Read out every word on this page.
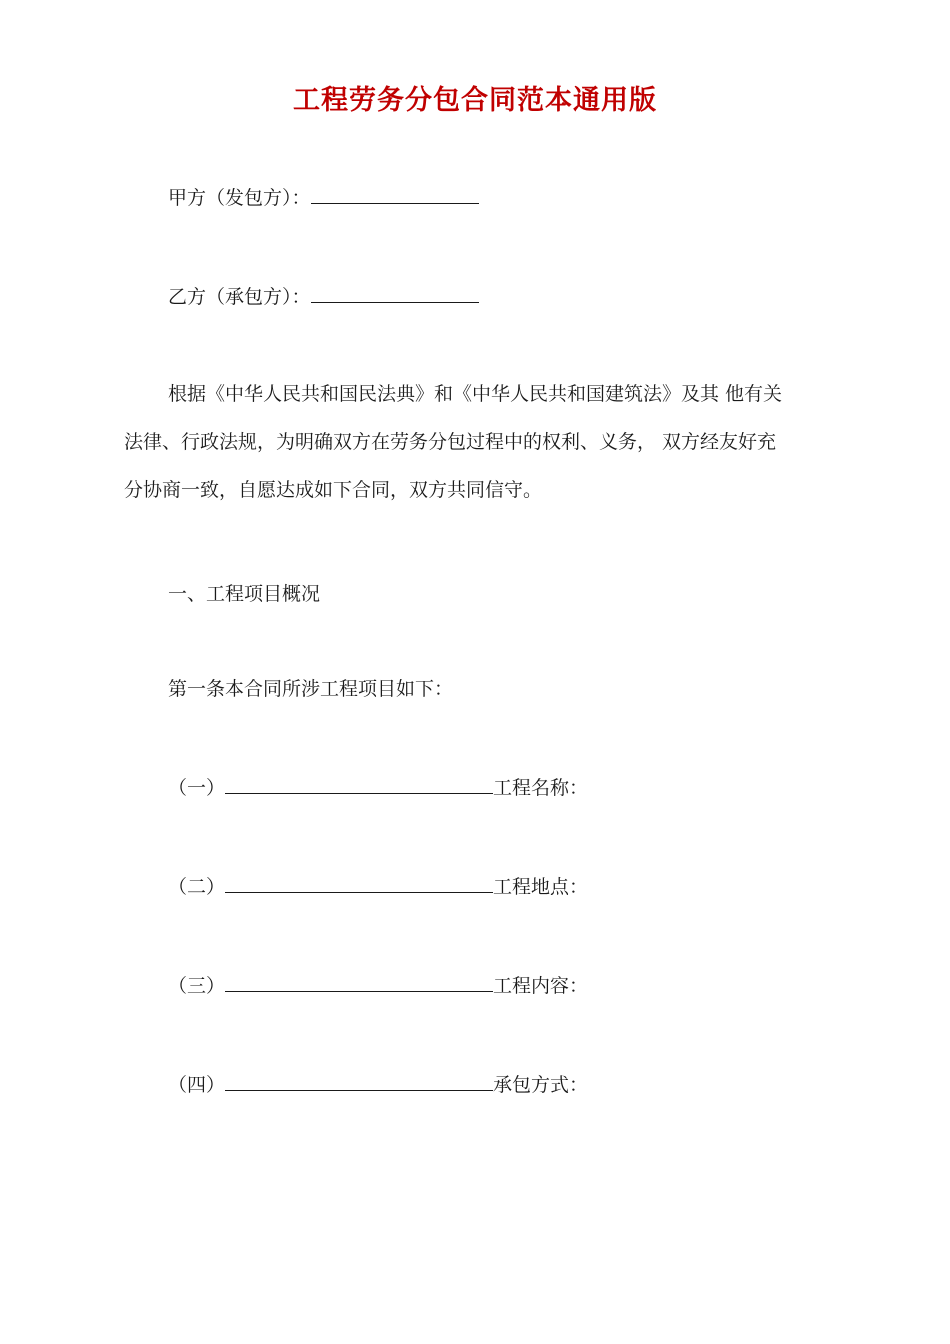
工程劳务分包合同范本通用版
甲方（发包方）：
乙方（承包方）：
根据《中华人民共和国民法典》和《中华人民共和国建筑法》及其 他有关
法律、行政法规，为明确双方在劳务分包过程中的权利、义务， 双方经友好充
分协商一致，自愿达成如下合同，双方共同信守。
一、工程项目概况
第一条本合同所涉工程项目如下：
（一）	工程名称：
（二）	工程地点：
（三）	工程内容：
（四）	承包方式：
